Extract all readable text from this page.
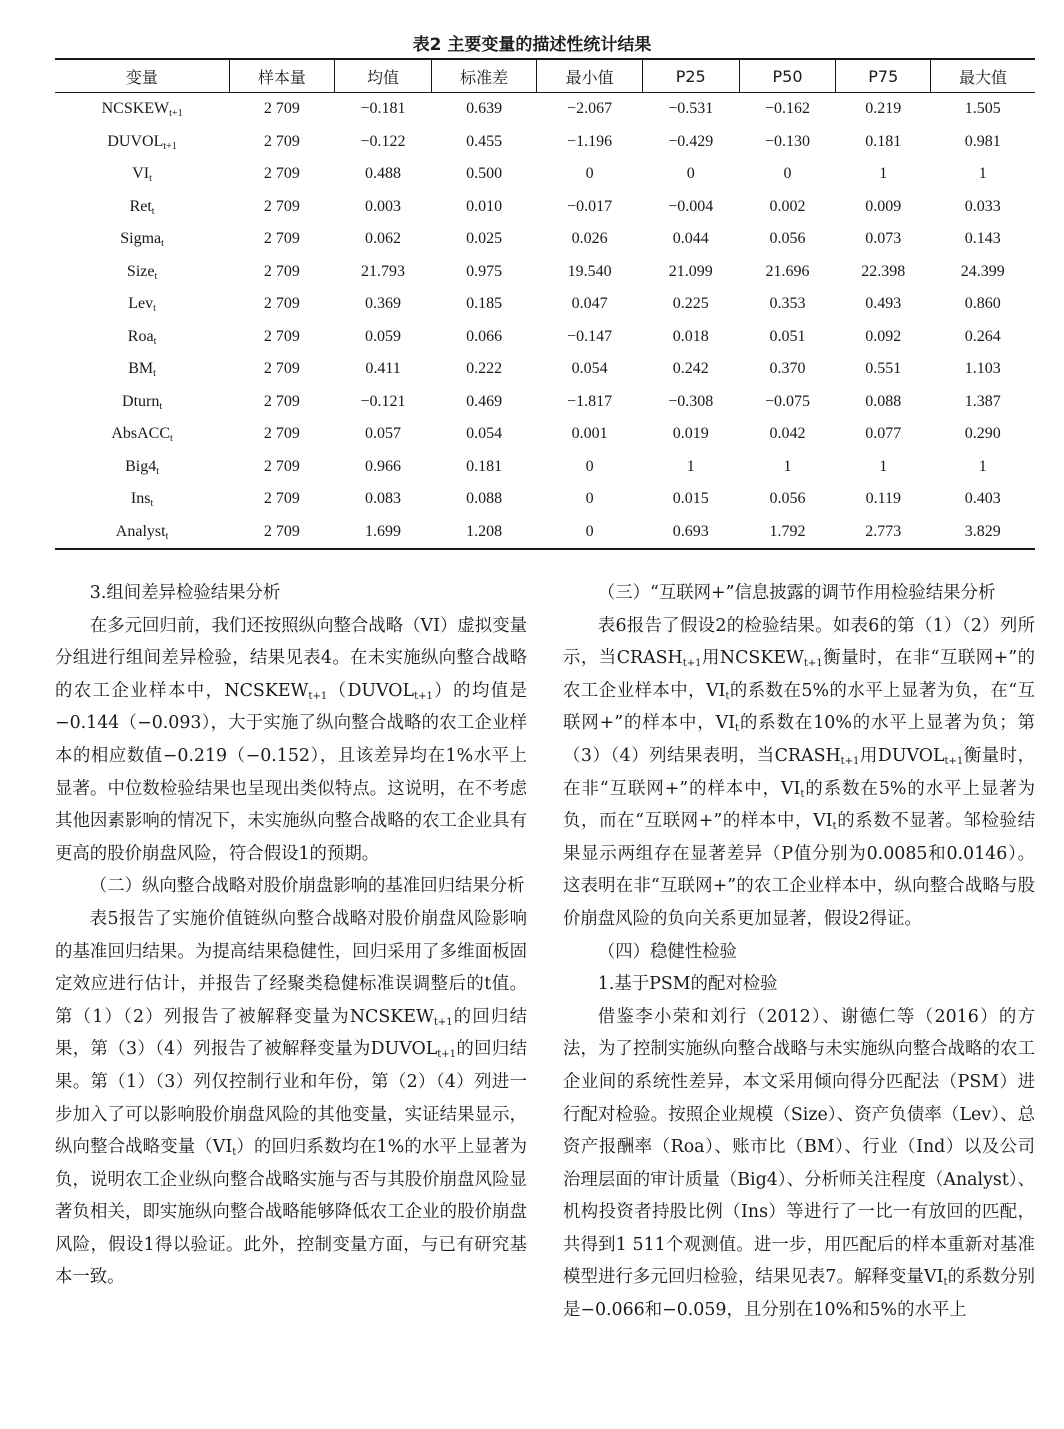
表2 主要变量的描述性统计结果
变量	样本量	均值	标准差	最小值	P25	P50	P75	最大值
$NCSKEW_{t+1}$	2 709	−0.181	0.639	−2.067	−0.531	−0.162	0.219	1.505
$DUVOL_{t+1}$	2 709	−0.122	0.455	−1.196	−0.429	−0.130	0.181	0.981
$VI_t$	2 709	0.488	0.500	0	0	0	1	1
Ret$_t$	2 709	0.003	0.010	−0.017	−0.004	0.002	0.009	0.033
Sigma$_t$	2 709	0.062	0.025	0.026	0.044	0.056	0.073	0.143
Size$_t$	2 709	21.793	0.975	19.540	21.099	21.696	22.398	24.399
Lev$_t$	2 709	0.369	0.185	0.047	0.225	0.353	0.493	0.860
Roa$_t$	2 709	0.059	0.066	−0.147	0.018	0.051	0.092	0.264
$BM_t$	2 709	0.411	0.222	0.054	0.242	0.370	0.551	1.103
Dturn$_t$	2 709	−0.121	0.469	−1.817	−0.308	−0.075	0.088	1.387
AbsACC$_t$	2 709	0.057	0.054	0.001	0.019	0.042	0.077	0.290
$Big4_t$	2 709	0.966	0.181	0	1	1	1	1
Ins$_t$	2 709	0.083	0.088	0	0.015	0.056	0.119	0.403
Analyst$_t$	2 709	1.699	1.208	0	0.693	1.792	2.773	3.829

3.组间差异检验结果分析

在多元回归前，我们还按照纵向整合战略（VI）虚拟变量分组进行组间差异检验，结果见表4。在未实施纵向整合战略的农工企业样本中，$NCSKEW_{t+1}(DUVOL_{t+1})$的均值是−0.144（−0.093），大于实施了纵向整合战略的农工企业样本的相应数值−0.219（−0.152），且该差异均在1%水平上显著。中位数检验结果也呈现出类似特点。这说明，在不考虑其他因素影响的情况下，未实施纵向整合战略的农工企业具有更高的股价崩盘风险，符合假设1的预期。

（二）纵向整合战略对股价崩盘影响的基准回归结果分析

表5报告了实施价值链纵向整合战略对股价崩盘风险影响的基准回归结果。为提高结果稳健性，回归采用了多维面板固定效应进行估计，并报告了经聚类稳健标准误调整后的t值。第（1）（2）列报告了被解释变量为$NCSKEW_{t+1}$的回归结果，第（3）（4）列报告了被解释变量为$DUVOL_{t+1}$的回归结果。第（1）（3）列仅控制行业和年份，第（2）（4）列进一步加入了可以影响股价崩盘风险的其他变量，实证结果显示，纵向整合战略变量$(VI_t)$的回归系数均在1%的水平上显著为负，说明农工企业纵向整合战略实施与否与其股价崩盘风险显著负相关，即实施纵向整合战略能够降低农工企业的股价崩盘风险，假设1得以验证。此外，控制变量方面，与已有研究基本一致。

（三）“互联网+”信息披露的调节作用检验结果分析

表6报告了假设2的检验结果。如表6的第（1）（2）列所示，当$CRASH_{t+1}$用$NCSKEW_{t+1}$衡量时，在非“互联网+”的农工企业样本中，$VI_t$的系数在5%的水平上显著为负，在“互联网+”的样本中，$VI_t$的系数在10%的水平上显著为负；第（3）（4）列结果表明，当$CRASH_{t+1}$用$DUVOL_{t+1}$衡量时，在非“互联网+”的样本中，$VI_t$的系数在5%的水平上显著为负，而在“互联网+”的样本中，$VI_t$的系数不显著。邹检验结果显示两组存在显著差异（P值分别为0.0085和0.0146）。这表明在非“互联网+”的农工企业样本中，纵向整合战略与股价崩盘风险的负向关系更加显著，假设2得证。

（四）稳健性检验

1.基于PSM的配对检验

借鉴李小荣和刘行（2012）、谢德仁等（2016）的方法，为了控制实施纵向整合战略与未实施纵向整合战略的农工企业间的系统性差异，本文采用倾向得分匹配法（PSM）进行配对检验。按照企业规模（Size）、资产负债率（Lev）、总资产报酬率（Roa）、账市比（BM）、行业（Ind）以及公司治理层面的审计质量（Big4）、分析师关注程度（Analyst）、机构投资者持股比例（Ins）等进行了一比一有放回的匹配，共得到1 511个观测值。进一步，用匹配后的样本重新对基准模型进行多元回归检验，结果见表7。解释变量$VI_t$的系数分别是−0.066和−0.059，且分别在10%和5%的水平上
